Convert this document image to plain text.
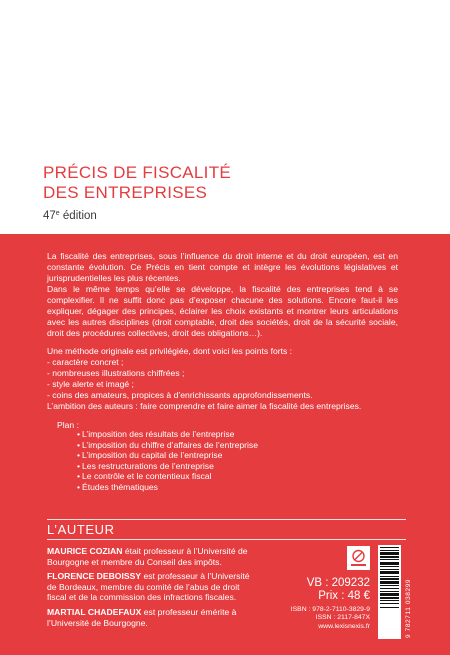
PRÉCIS DE FISCALITÉ
DES ENTREPRISES
47e édition
La fiscalité des entreprises, sous l’influence du droit interne et du droit européen, est en constante évolution. Ce Précis en tient compte et intègre les évolutions législatives et jurisprudentielles les plus récentes.
Dans le même temps qu’elle se développe, la fiscalité des entreprises tend à se complexifier. Il ne suffit donc pas d’exposer chacune des solutions. Encore faut-il les expliquer, dégager des principes, éclairer les choix existants et montrer leurs articulations avec les autres disciplines (droit comptable, droit des sociétés, droit de la sécurité sociale, droit des procédures collectives, droit des obligations…).
Une méthode originale est privilégiée, dont voici les points forts :
- caractère concret ;
- nombreuses illustrations chiffrées ;
- style alerte et imagé ;
- coins des amateurs, propices à d’enrichissants approfondissements.
L’ambition des auteurs : faire comprendre et faire aimer la fiscalité des entreprises.
Plan :
• L’imposition des résultats de l’entreprise
• L’imposition du chiffre d’affaires de l’entreprise
• L’imposition du capital de l’entreprise
• Les restructurations de l’entreprise
• Le contrôle et le contentieux fiscal
• Études thématiques
L’AUTEUR
MAURICE COZIAN était professeur à l’Université de Bourgogne et membre du Conseil des impôts.
FLORENCE DEBOISSY est professeur à l’Université de Bordeaux, membre du comité de l’abus de droit fiscal et de la commission des infractions fiscales.
MARTIAL CHADEFAUX est professeur émérite à l’Université de Bourgogne.
VB : 209232
Prix : 48 €
ISBN : 978-2-7110-3829-9
ISSN : 2117-847X
www.lexisnexis.fr	9 782711 038299
